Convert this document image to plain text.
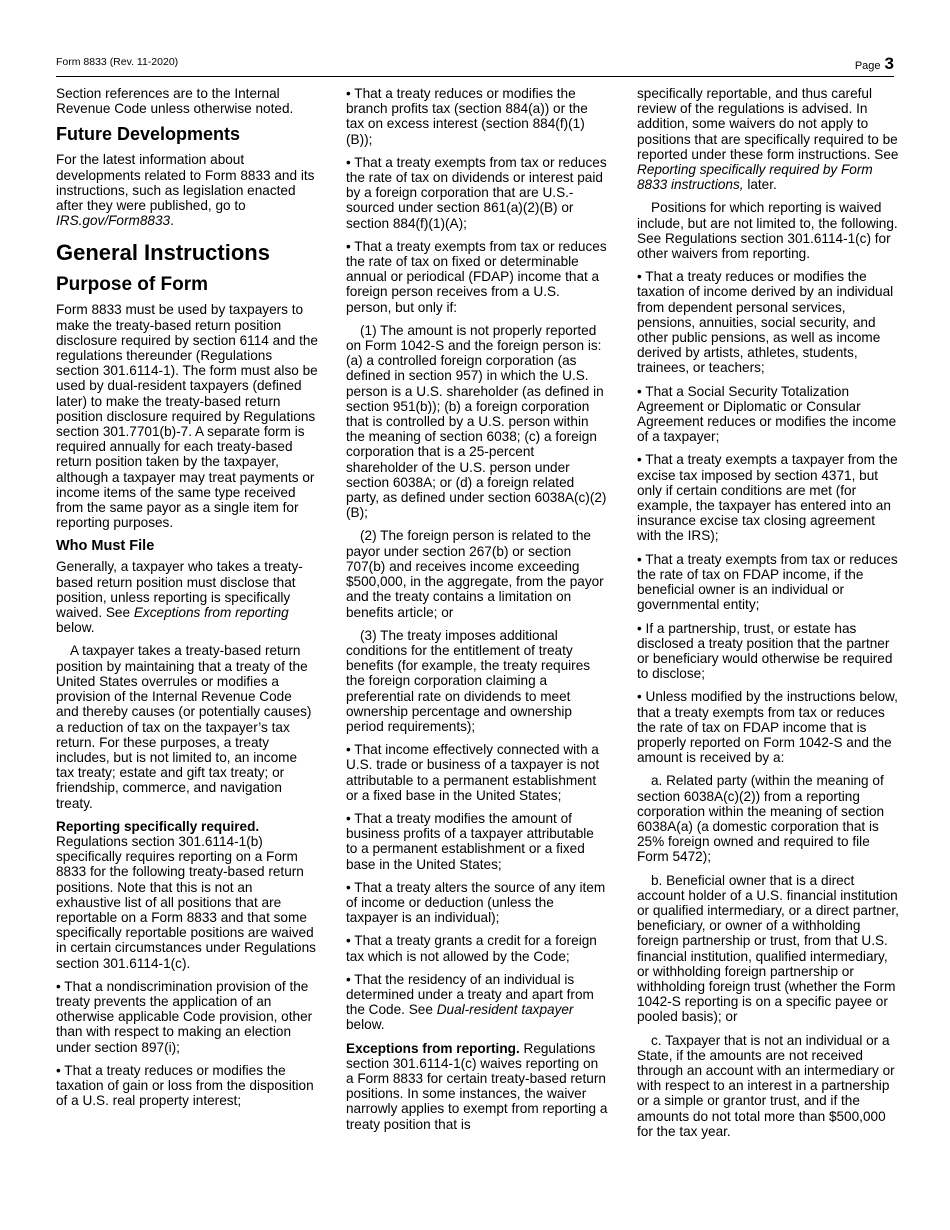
Form 8833 (Rev. 11-2020)	Page 3

Section references are to the Internal Revenue Code unless otherwise noted.

Future Developments

For the latest information about developments related to Form 8833 and its instructions, such as legislation enacted after they were published, go to IRS.gov/Form8833.

General Instructions
Purpose of Form

Form 8833 must be used by taxpayers to make the treaty-based return position disclosure required by section 6114 and the regulations thereunder (Regulations section 301.6114-1). The form must also be used by dual-resident taxpayers (defined later) to make the treaty-based return position disclosure required by Regulations section 301.7701(b)-7. A separate form is required annually for each treaty-based return position taken by the taxpayer, although a taxpayer may treat payments or income items of the same type received from the same payor as a single item for reporting purposes.

Who Must File

Generally, a taxpayer who takes a treaty-based return position must disclose that position, unless reporting is specifically waived. See Exceptions from reporting below.

A taxpayer takes a treaty-based return position by maintaining that a treaty of the United States overrules or modifies a provision of the Internal Revenue Code and thereby causes (or potentially causes) a reduction of tax on the taxpayer’s tax return. For these purposes, a treaty includes, but is not limited to, an income tax treaty; estate and gift tax treaty; or friendship, commerce, and navigation treaty.

Reporting specifically required. Regulations section 301.6114-1(b) specifically requires reporting on a Form 8833 for the following treaty-based return positions. Note that this is not an exhaustive list of all positions that are reportable on a Form 8833 and that some specifically reportable positions are waived in certain circumstances under Regulations section 301.6114-1(c).

• That a nondiscrimination provision of the treaty prevents the application of an otherwise applicable Code provision, other than with respect to making an election under section 897(i);

• That a treaty reduces or modifies the taxation of gain or loss from the disposition of a U.S. real property interest;

• That a treaty reduces or modifies the branch profits tax (section 884(a)) or the tax on excess interest (section 884(f)(1)(B));

• That a treaty exempts from tax or reduces the rate of tax on dividends or interest paid by a foreign corporation that are U.S.-sourced under section 861(a)(2)(B) or section 884(f)(1)(A);

• That a treaty exempts from tax or reduces the rate of tax on fixed or determinable annual or periodical (FDAP) income that a foreign person receives from a U.S. person, but only if:

(1) The amount is not properly reported on Form 1042-S and the foreign person is: (a) a controlled foreign corporation (as defined in section 957) in which the U.S. person is a U.S. shareholder (as defined in section 951(b)); (b) a foreign corporation that is controlled by a U.S. person within the meaning of section 6038; (c) a foreign corporation that is a 25-percent shareholder of the U.S. person under section 6038A; or (d) a foreign related party, as defined under section 6038A(c)(2)(B);

(2) The foreign person is related to the payor under section 267(b) or section 707(b) and receives income exceeding $500,000, in the aggregate, from the payor and the treaty contains a limitation on benefits article; or

(3) The treaty imposes additional conditions for the entitlement of treaty benefits (for example, the treaty requires the foreign corporation claiming a preferential rate on dividends to meet ownership percentage and ownership period requirements);

• That income effectively connected with a U.S. trade or business of a taxpayer is not attributable to a permanent establishment or a fixed base in the United States;

• That a treaty modifies the amount of business profits of a taxpayer attributable to a permanent establishment or a fixed base in the United States;

• That a treaty alters the source of any item of income or deduction (unless the taxpayer is an individual);

• That a treaty grants a credit for a foreign tax which is not allowed by the Code;

• That the residency of an individual is determined under a treaty and apart from the Code. See Dual-resident taxpayer below.

Exceptions from reporting. Regulations section 301.6114-1(c) waives reporting on a Form 8833 for certain treaty-based return positions. In some instances, the waiver narrowly applies to exempt from reporting a treaty position that is

specifically reportable, and thus careful review of the regulations is advised. In addition, some waivers do not apply to positions that are specifically required to be reported under these form instructions. See Reporting specifically required by Form 8833 instructions, later.

Positions for which reporting is waived include, but are not limited to, the following. See Regulations section 301.6114-1(c) for other waivers from reporting.

• That a treaty reduces or modifies the taxation of income derived by an individual from dependent personal services, pensions, annuities, social security, and other public pensions, as well as income derived by artists, athletes, students, trainees, or teachers;

• That a Social Security Totalization Agreement or Diplomatic or Consular Agreement reduces or modifies the income of a taxpayer;

• That a treaty exempts a taxpayer from the excise tax imposed by section 4371, but only if certain conditions are met (for example, the taxpayer has entered into an insurance excise tax closing agreement with the IRS);

• That a treaty exempts from tax or reduces the rate of tax on FDAP income, if the beneficial owner is an individual or governmental entity;

• If a partnership, trust, or estate has disclosed a treaty position that the partner or beneficiary would otherwise be required to disclose;

• Unless modified by the instructions below, that a treaty exempts from tax or reduces the rate of tax on FDAP income that is properly reported on Form 1042-S and the amount is received by a:

a. Related party (within the meaning of section 6038A(c)(2)) from a reporting corporation within the meaning of section 6038A(a) (a domestic corporation that is 25% foreign owned and required to file Form 5472);

b. Beneficial owner that is a direct account holder of a U.S. financial institution or qualified intermediary, or a direct partner, beneficiary, or owner of a withholding foreign partnership or trust, from that U.S. financial institution, qualified intermediary, or withholding foreign partnership or withholding foreign trust (whether the Form 1042-S reporting is on a specific payee or pooled basis); or

c. Taxpayer that is not an individual or a State, if the amounts are not received through an account with an intermediary or with respect to an interest in a partnership or a simple or grantor trust, and if the amounts do not total more than $500,000 for the tax year.
